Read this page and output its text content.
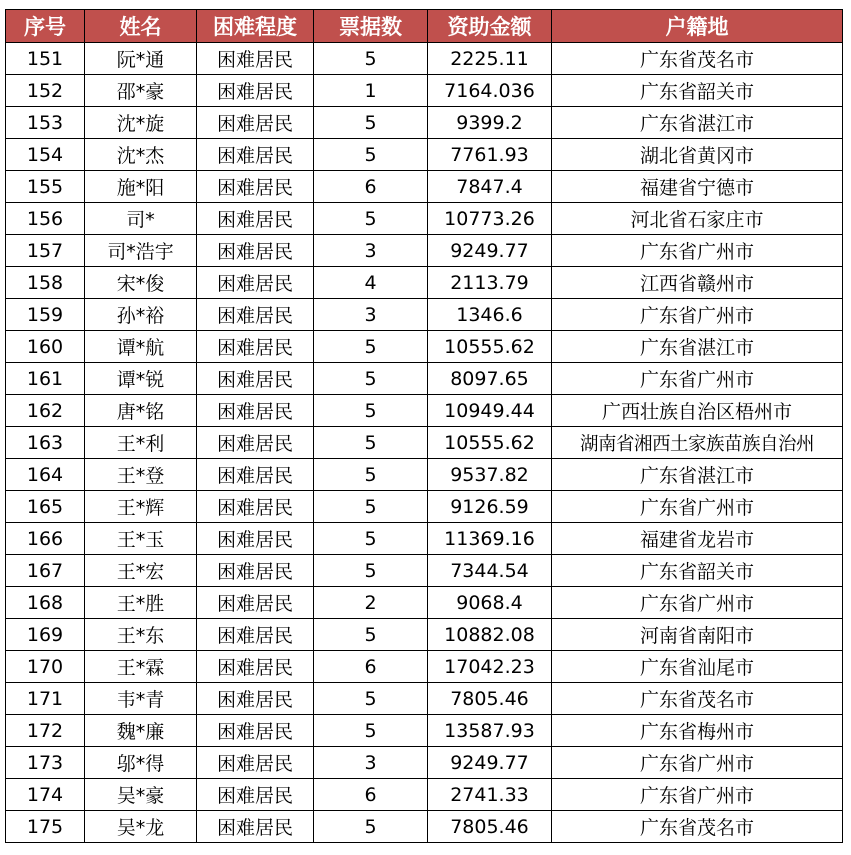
序号	姓名	困难程度	票据数	资助金额	户籍地
151	阮*通	困难居民	5	2225.11	广东省茂名市
152	邵*豪	困难居民	1	7164.036	广东省韶关市
153	沈*旋	困难居民	5	9399.2	广东省湛江市
154	沈*杰	困难居民	5	7761.93	湖北省黄冈市
155	施*阳	困难居民	6	7847.4	福建省宁德市
156	司*	困难居民	5	10773.26	河北省石家庄市
157	司*浩宇	困难居民	3	9249.77	广东省广州市
158	宋*俊	困难居民	4	2113.79	江西省赣州市
159	孙*裕	困难居民	3	1346.6	广东省广州市
160	谭*航	困难居民	5	10555.62	广东省湛江市
161	谭*锐	困难居民	5	8097.65	广东省广州市
162	唐*铭	困难居民	5	10949.44	广西壮族自治区梧州市
163	王*利	困难居民	5	10555.62	湖南省湘西土家族苗族自治州
164	王*登	困难居民	5	9537.82	广东省湛江市
165	王*辉	困难居民	5	9126.59	广东省广州市
166	王*玉	困难居民	5	11369.16	福建省龙岩市
167	王*宏	困难居民	5	7344.54	广东省韶关市
168	王*胜	困难居民	2	9068.4	广东省广州市
169	王*东	困难居民	5	10882.08	河南省南阳市
170	王*霖	困难居民	6	17042.23	广东省汕尾市
171	韦*青	困难居民	5	7805.46	广东省茂名市
172	魏*廉	困难居民	5	13587.93	广东省梅州市
173	邬*得	困难居民	3	9249.77	广东省广州市
174	吴*豪	困难居民	6	2741.33	广东省广州市
175	吴*龙	困难居民	5	7805.46	广东省茂名市
